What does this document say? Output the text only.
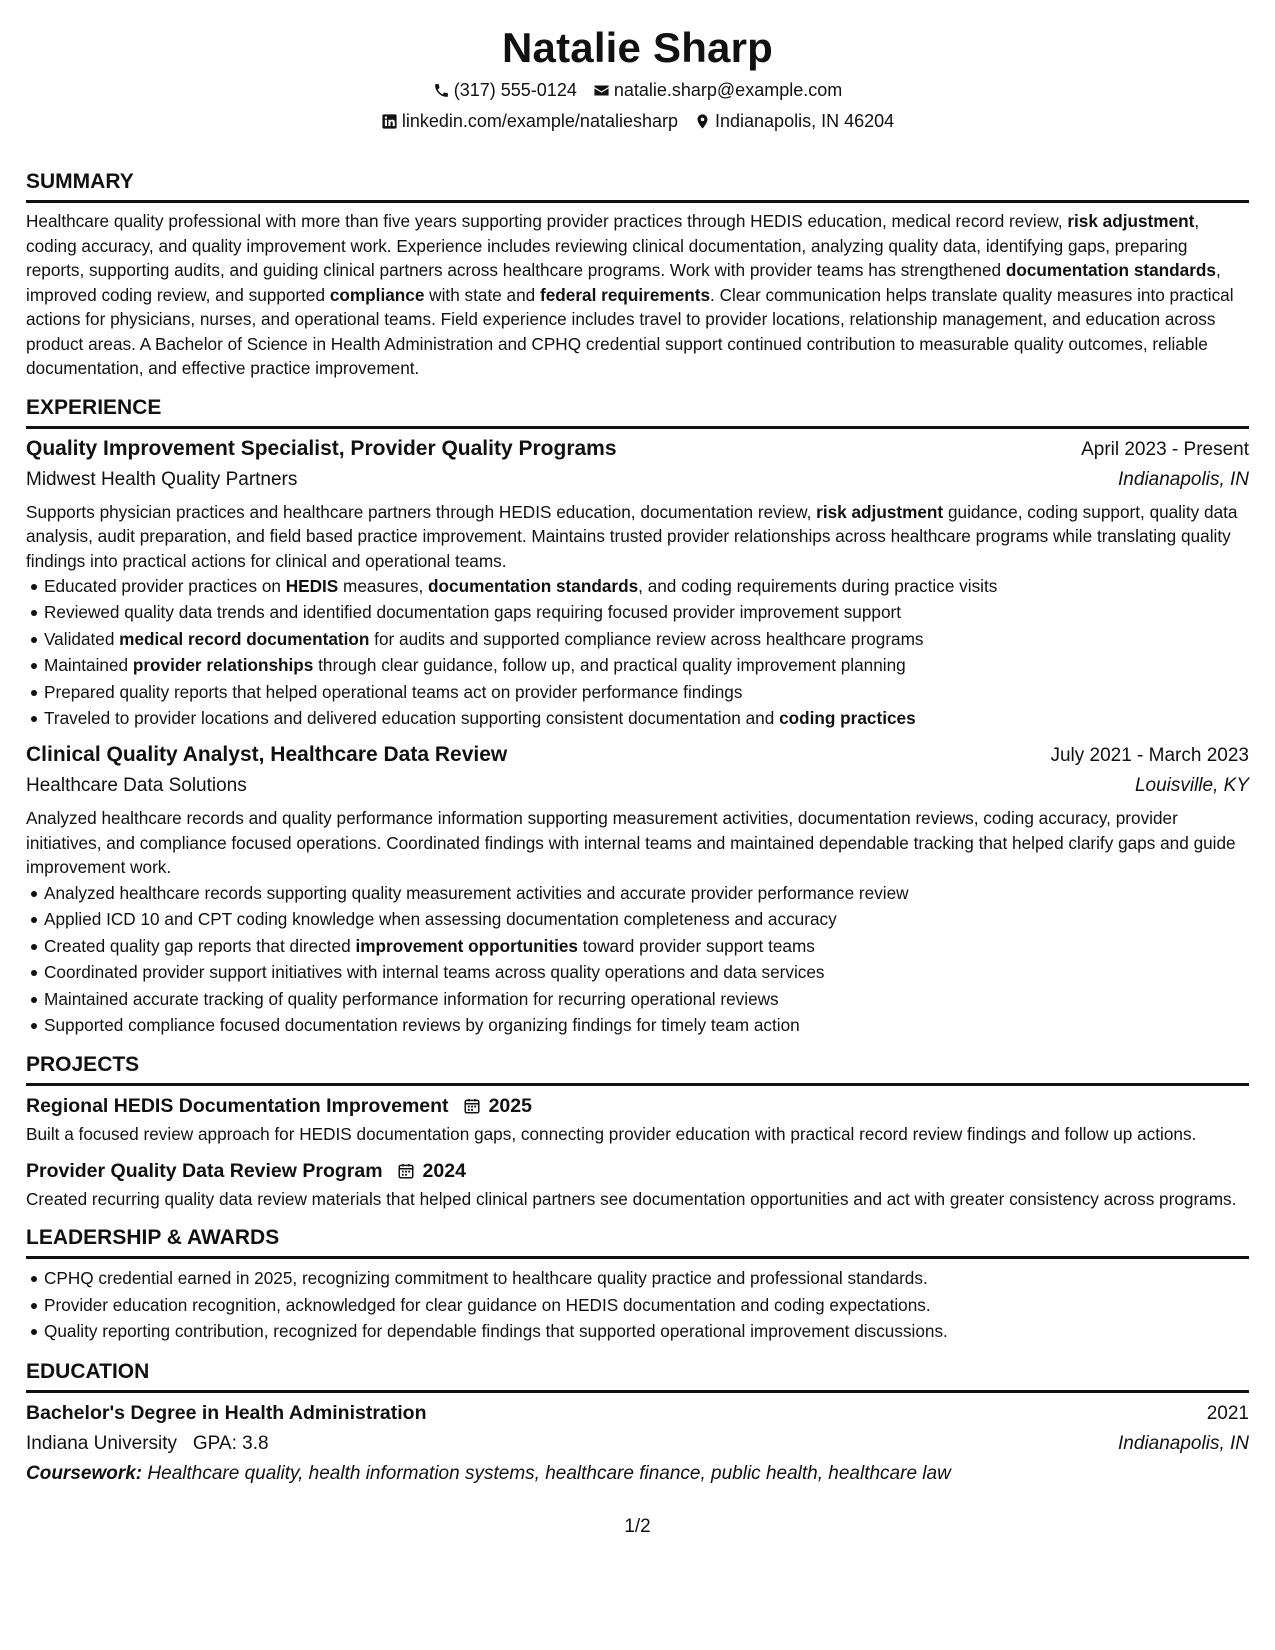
Natalie Sharp
(317) 555-0124 natalie.sharp@example.com
linkedin.com/example/nataliesharp Indianapolis, IN 46204
SUMMARY

Healthcare quality professional with more than five years supporting provider practices through HEDIS education, medical record review, risk adjustment, coding accuracy, and quality improvement work. Experience includes reviewing clinical documentation, analyzing quality data, identifying gaps, preparing reports, supporting audits, and guiding clinical partners across healthcare programs. Work with provider teams has strengthened documentation standards, improved coding review, and supported compliance with state and federal requirements. Clear communication helps translate quality measures into practical actions for physicians, nurses, and operational teams. Field experience includes travel to provider locations, relationship management, and education across product areas. A Bachelor of Science in Health Administration and CPHQ credential support continued contribution to measurable quality outcomes, reliable documentation, and effective practice improvement.

EXPERIENCE
Quality Improvement Specialist, Provider Quality Programs	April 2023 - Present
Midwest Health Quality Partners	Indianapolis, IN

Supports physician practices and healthcare partners through HEDIS education, documentation review, risk adjustment guidance, coding support, quality data analysis, audit preparation, and field based practice improvement. Maintains trusted provider relationships across healthcare programs while translating quality findings into practical actions for clinical and operational teams.

Educated provider practices on HEDIS measures, documentation standards, and coding requirements during practice visits
Reviewed quality data trends and identified documentation gaps requiring focused provider improvement support
Validated medical record documentation for audits and supported compliance review across healthcare programs
Maintained provider relationships through clear guidance, follow up, and practical quality improvement planning
Prepared quality reports that helped operational teams act on provider performance findings
Traveled to provider locations and delivered education supporting consistent documentation and coding practices
Clinical Quality Analyst, Healthcare Data Review	July 2021 - March 2023
Healthcare Data Solutions	Louisville, KY

Analyzed healthcare records and quality performance information supporting measurement activities, documentation reviews, coding accuracy, provider initiatives, and compliance focused operations. Coordinated findings with internal teams and maintained dependable tracking that helped clarify gaps and guide improvement work.

Analyzed healthcare records supporting quality measurement activities and accurate provider performance review
Applied ICD 10 and CPT coding knowledge when assessing documentation completeness and accuracy
Created quality gap reports that directed improvement opportunities toward provider support teams
Coordinated provider support initiatives with internal teams across quality operations and data services
Maintained accurate tracking of quality performance information for recurring operational reviews
Supported compliance focused documentation reviews by organizing findings for timely team action
PROJECTS
Regional HEDIS Documentation Improvement 2025

Built a focused review approach for HEDIS documentation gaps, connecting provider education with practical record review findings and follow up actions.

Provider Quality Data Review Program 2024

Created recurring quality data review materials that helped clinical partners see documentation opportunities and act with greater consistency across programs.

LEADERSHIP & AWARDS
CPHQ credential earned in 2025, recognizing commitment to healthcare quality practice and professional standards.
Provider education recognition, acknowledged for clear guidance on HEDIS documentation and coding expectations.
Quality reporting contribution, recognized for dependable findings that supported operational improvement discussions.
EDUCATION
Bachelor's Degree in Health Administration	2021
Indiana University GPA: 3.8	Indianapolis, IN
Coursework: Healthcare quality, health information systems, healthcare finance, public health, healthcare law
1/2
